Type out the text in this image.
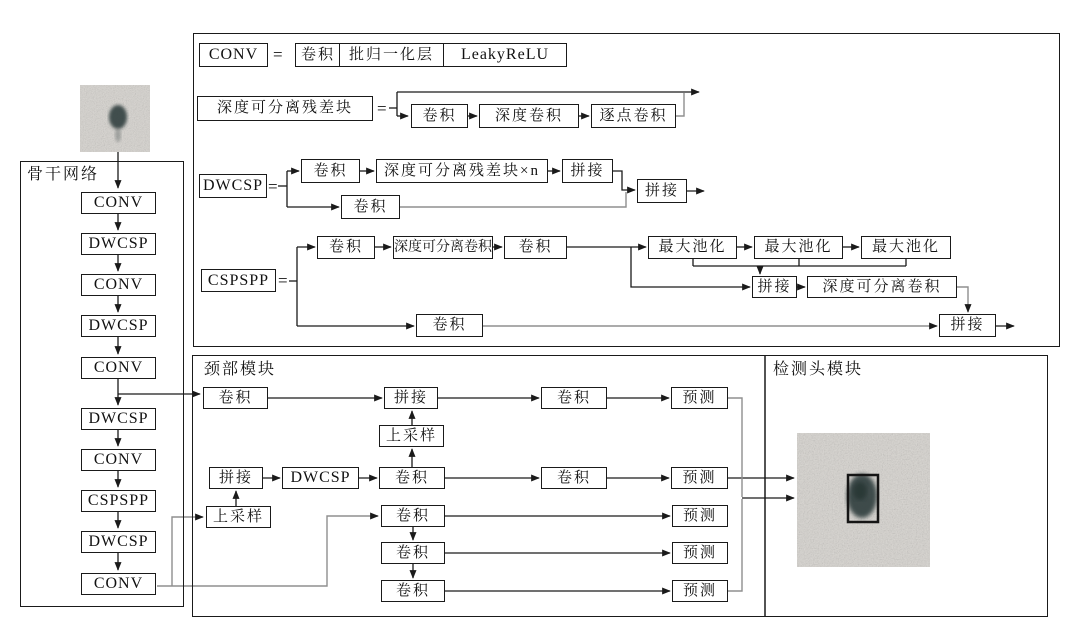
骨干网络
颈部模块	检测头模块
CONV =	卷积 批归一化层	LeakyReLU
深度可分离残差块	=	卷积	深度卷积	逐点卷积
DWCSP =
卷积	深度可分离残差块×n	拼接
卷积
拼接
CSPSPP =
卷积	深度可分离卷积	卷积	最大池化	最大池化	最大池化
拼接	深度可分离卷积
卷积	拼接
CONV
DWCSP
CONV
DWCSP
CONV
DWCSP
CONV
CSPSPP
DWCSP
CONV
卷积	拼接	卷积	预测
上采样
拼接	DWCSP	卷积	卷积	预测
上采样	卷积	预测
卷积	预测
卷积	预测
